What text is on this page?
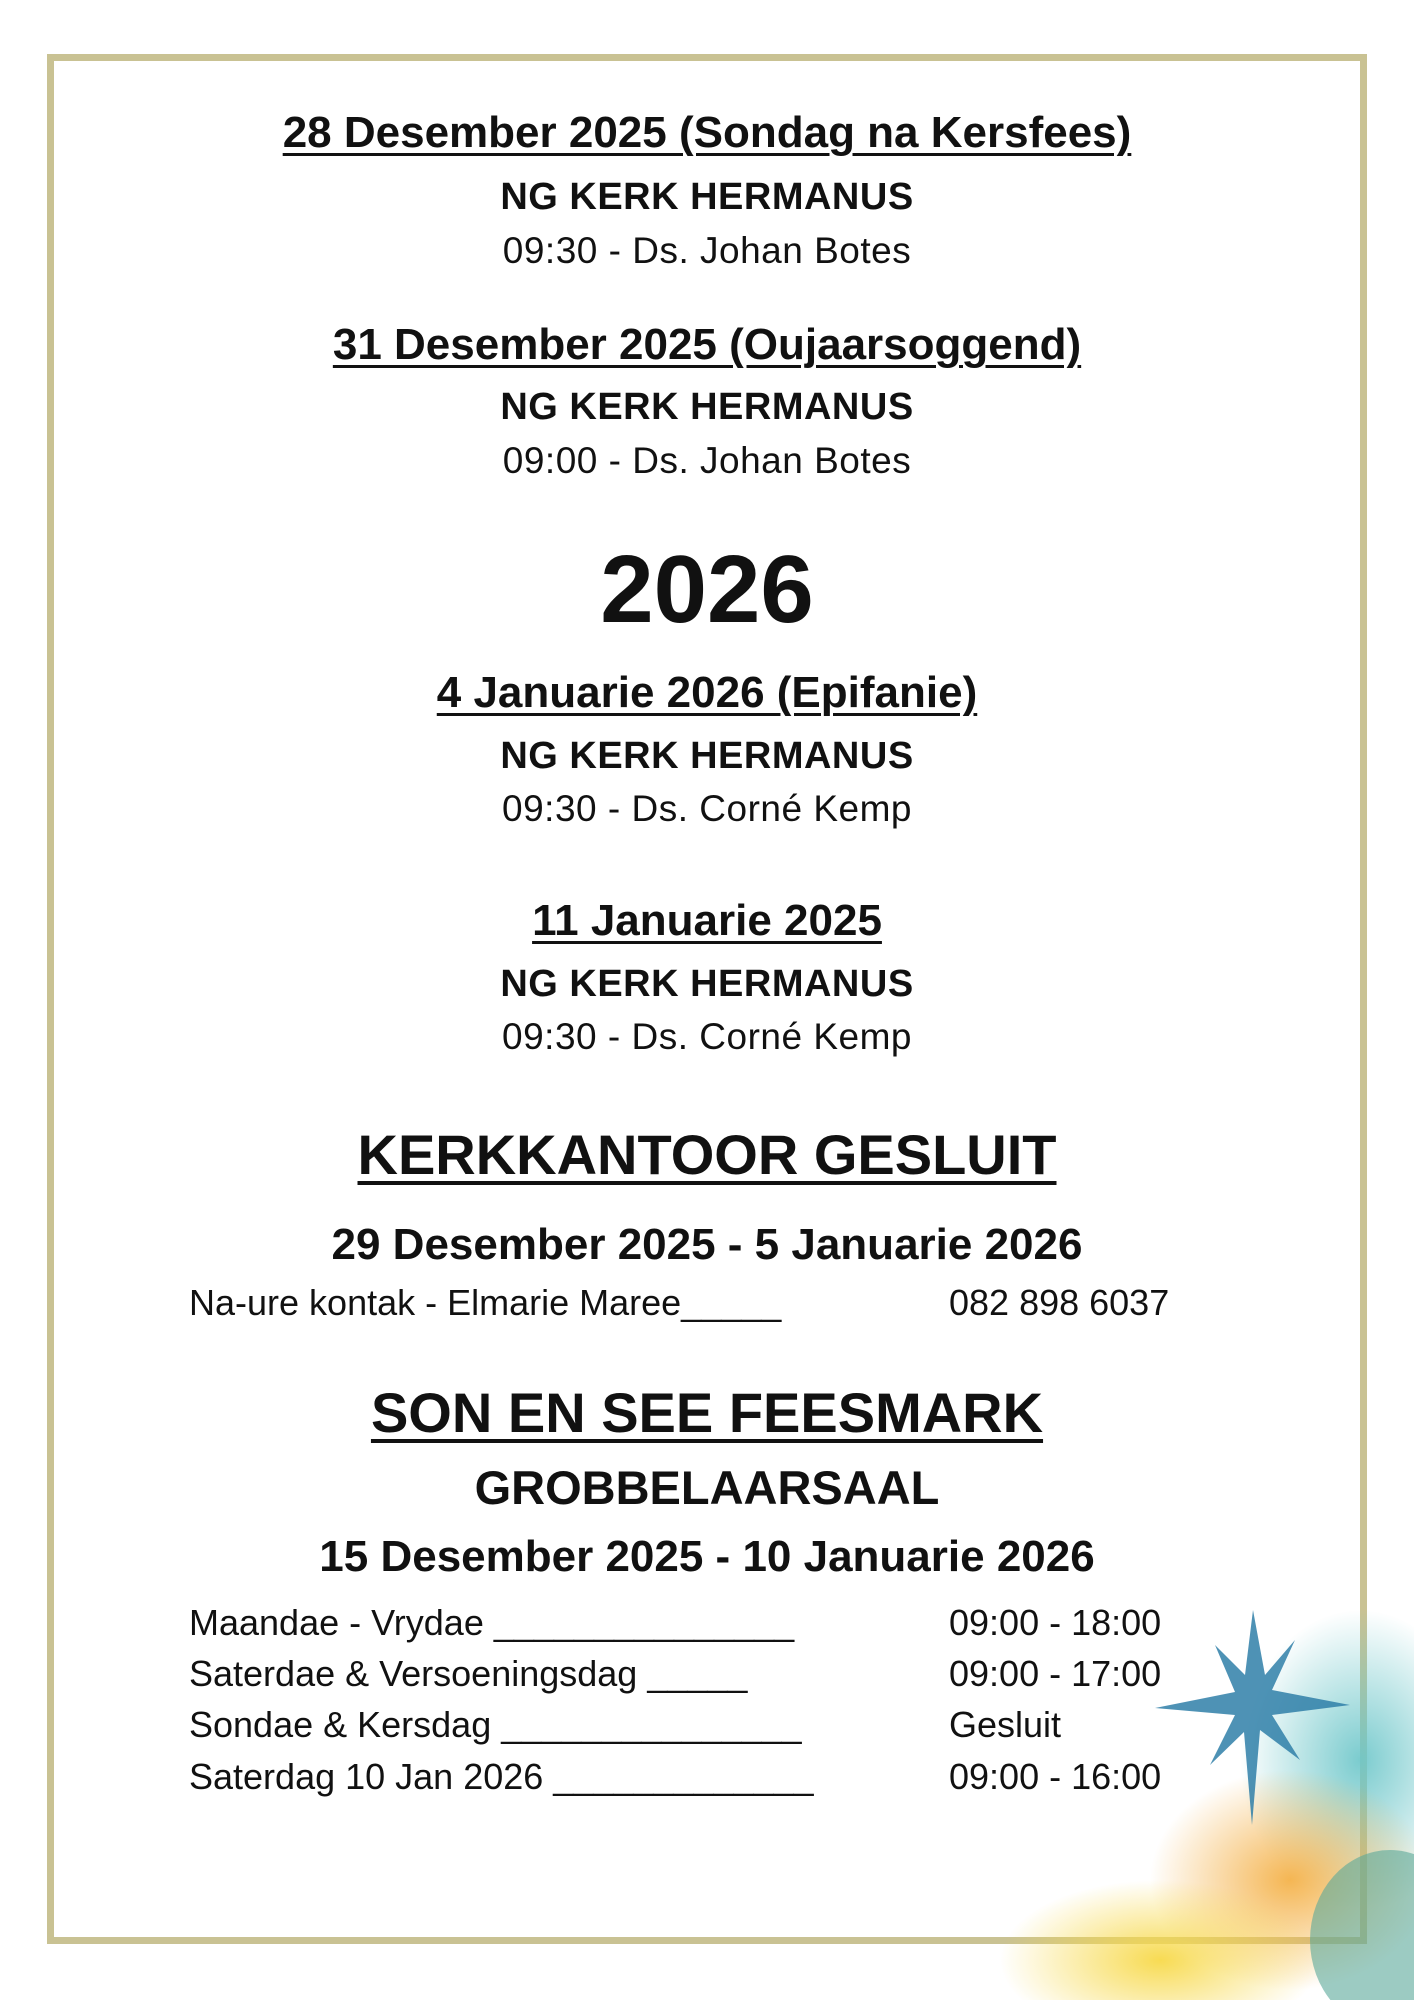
28 Desember 2025 (Sondag na Kersfees)
NG KERK HERMANUS
09:30 - Ds. Johan Botes
31 Desember 2025 (Oujaarsoggend)
NG KERK HERMANUS
09:00 - Ds. Johan Botes
2026
4 Januarie 2026 (Epifanie)
NG KERK HERMANUS
09:30 - Ds. Corné Kemp
11 Januarie 2025
NG KERK HERMANUS
09:30 - Ds. Corné Kemp
KERKKANTOOR GESLUIT
29 Desember 2025 - 5 Januarie 2026
Na-ure kontak - Elmarie Maree_____	082 898 6037
SON EN SEE FEESMARK
GROBBELAARSAAL
15 Desember 2025 - 10 Januarie 2026
Maandae - Vrydae _______________	09:00 - 18:00
Saterdae & Versoeningsdag _____	09:00 - 17:00
Sondae & Kersdag _______________	Gesluit
Saterdag 10 Jan 2026 _____________	09:00 - 16:00
